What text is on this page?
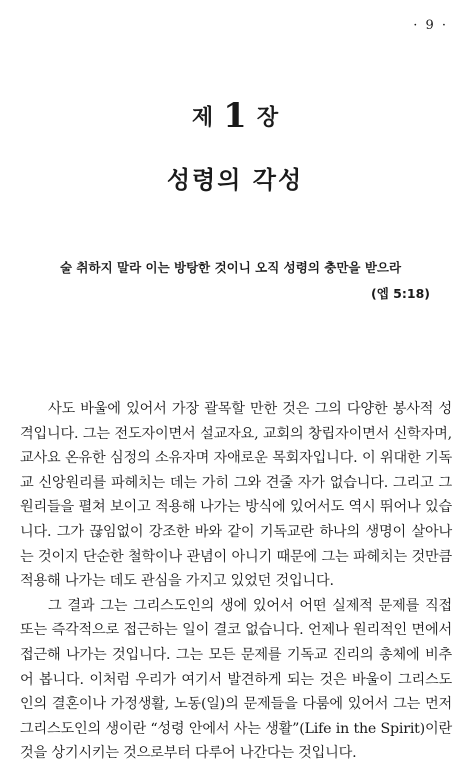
· 9 ·
제 1 장
성령의 각성
술 취하지 말라 이는 방탕한 것이니 오직 성령의 충만을 받으라
(엡 5:18)

사도 바울에 있어서 가장 괄목할 만한 것은 그의 다양한 봉사적 성격입니다. 그는 전도자이면서 설교자요, 교회의 창립자이면서 신학자며, 교사요 온유한 심정의 소유자며 자애로운 목회자입니다. 이 위대한 기독교 신앙원리를 파헤치는 데는 가히 그와 견줄 자가 없습니다. 그리고 그 원리들을 펼쳐 보이고 적용해 나가는 방식에 있어서도 역시 뛰어나 있습니다. 그가 끊임없이 강조한 바와 같이 기독교란 하나의 생명이 살아나는 것이지 단순한 철학이나 관념이 아니기 때문에 그는 파헤치는 것만큼 적용해 나가는 데도 관심을 가지고 있었던 것입니다.

그 결과 그는 그리스도인의 생에 있어서 어떤 실제적 문제를 직접 또는 즉각적으로 접근하는 일이 결코 없습니다. 언제나 원리적인 면에서 접근해 나가는 것입니다. 그는 모든 문제를 기독교 진리의 총체에 비추어 봅니다. 이처럼 우리가 여기서 발견하게 되는 것은 바울이 그리스도인의 결혼이나 가정생활, 노동(일)의 문제들을 다룸에 있어서 그는 먼저 그리스도인의 생이란 “성령 안에서 사는 생활”(Life in the Spirit)이란 것을 상기시키는 것으로부터 다루어 나간다는 것입니다.
